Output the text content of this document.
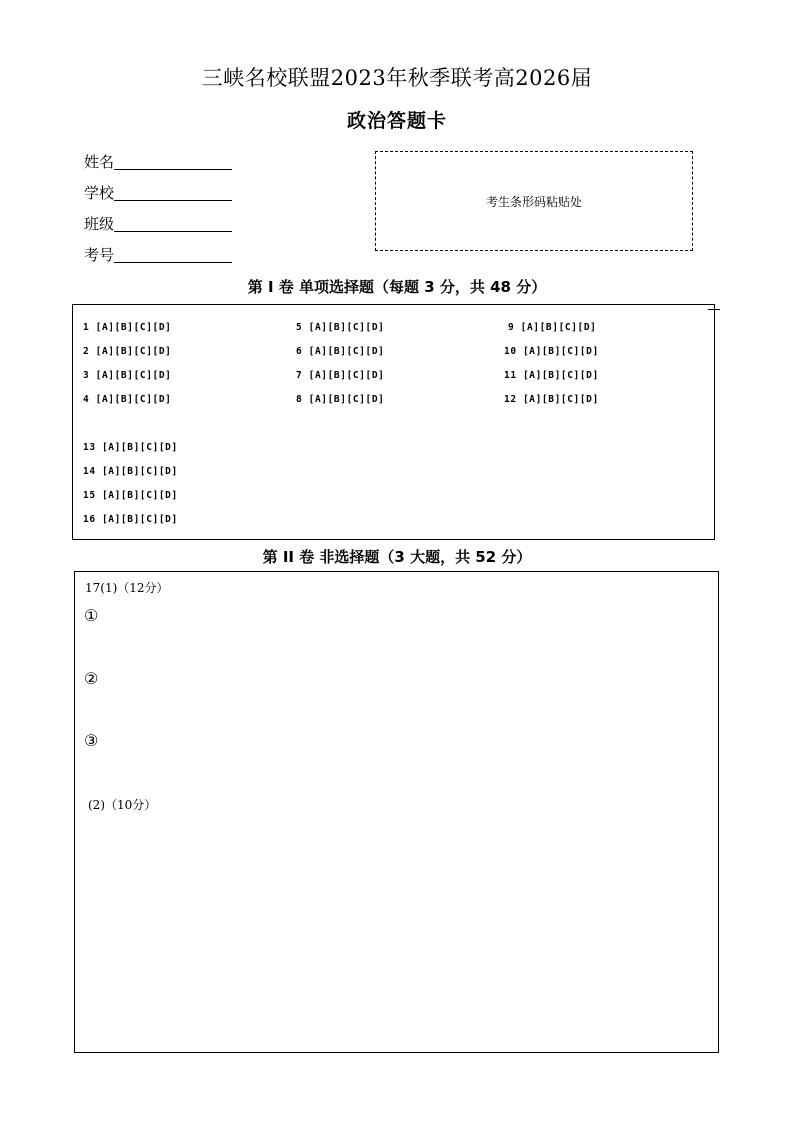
三峡名校联盟2023年秋季联考高2026届
政治答题卡
姓名
学校
班级
考号
考生条形码粘贴处
第 I 卷 单项选择题（每题 3 分，共 48 分）
1 [A][B][C][D]
2 [A][B][C][D]
3 [A][B][C][D]
4 [A][B][C][D]
5 [A][B][C][D]
6 [A][B][C][D]
7 [A][B][C][D]
8 [A][B][C][D]
9 [A][B][C][D]
10 [A][B][C][D]
11 [A][B][C][D]
12 [A][B][C][D]
13 [A][B][C][D]
14 [A][B][C][D]
15 [A][B][C][D]
16 [A][B][C][D]
第 II 卷 非选择题（3 大题，共 52 分）
17(1)（12分）
①
②
③
(2)（10分）
